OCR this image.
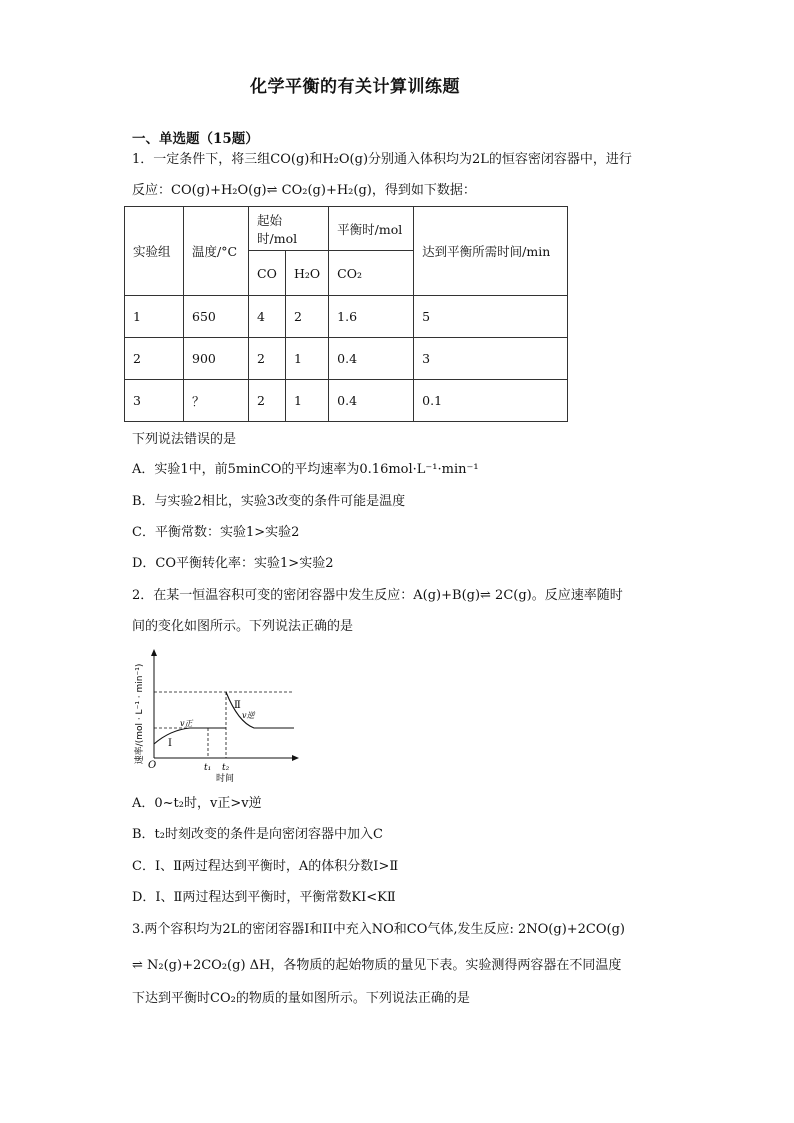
化学平衡的有关计算训练题
一、单选题（15题）
1．一定条件下，将三组CO(g)和H₂O(g)分别通入体积均为2L的恒容密闭容器中，进行
反应：CO(g)+H₂O(g)⇌ CO₂(g)+H₂(g)，得到如下数据：
实验组	温度/°C	起始时/mol		平衡时/mol	达到平衡所需时间/min
		CO	H₂O	CO₂	
1	650	4	2	1.6	5
2	900	2	1	0.4	3
3	？	2	1	0.4	0.1
下列说法错误的是
A．实验1中，前5minCO的平均速率为0.16mol·L⁻¹·min⁻¹
B．与实验2相比，实验3改变的条件可能是温度
C．平衡常数：实验1>实验2
D．CO平衡转化率：实验1>实验2
2．在某一恒温容积可变的密闭容器中发生反应：A(g)+B(g)⇌ 2C(g)。反应速率随时
间的变化如图所示。下列说法正确的是
速率/(mol · L⁻¹ · min⁻¹)
O	t₁ t₂
时间
Ⅰ
Ⅱ
v正
v逆
A．0~t₂时，v正>v逆
B．t₂时刻改变的条件是向密闭容器中加入C
C．Ⅰ、Ⅱ两过程达到平衡时，A的体积分数Ⅰ>Ⅱ
D．Ⅰ、Ⅱ两过程达到平衡时，平衡常数KⅠ<KⅡ
3.两个容积均为2L的密闭容器I和II中充入NO和CO气体,发生反应: 2NO(g)+2CO(g)
⇌ N₂(g)+2CO₂(g) ΔH，各物质的起始物质的量见下表。实验测得两容器在不同温度
下达到平衡时CO₂的物质的量如图所示。下列说法正确的是
